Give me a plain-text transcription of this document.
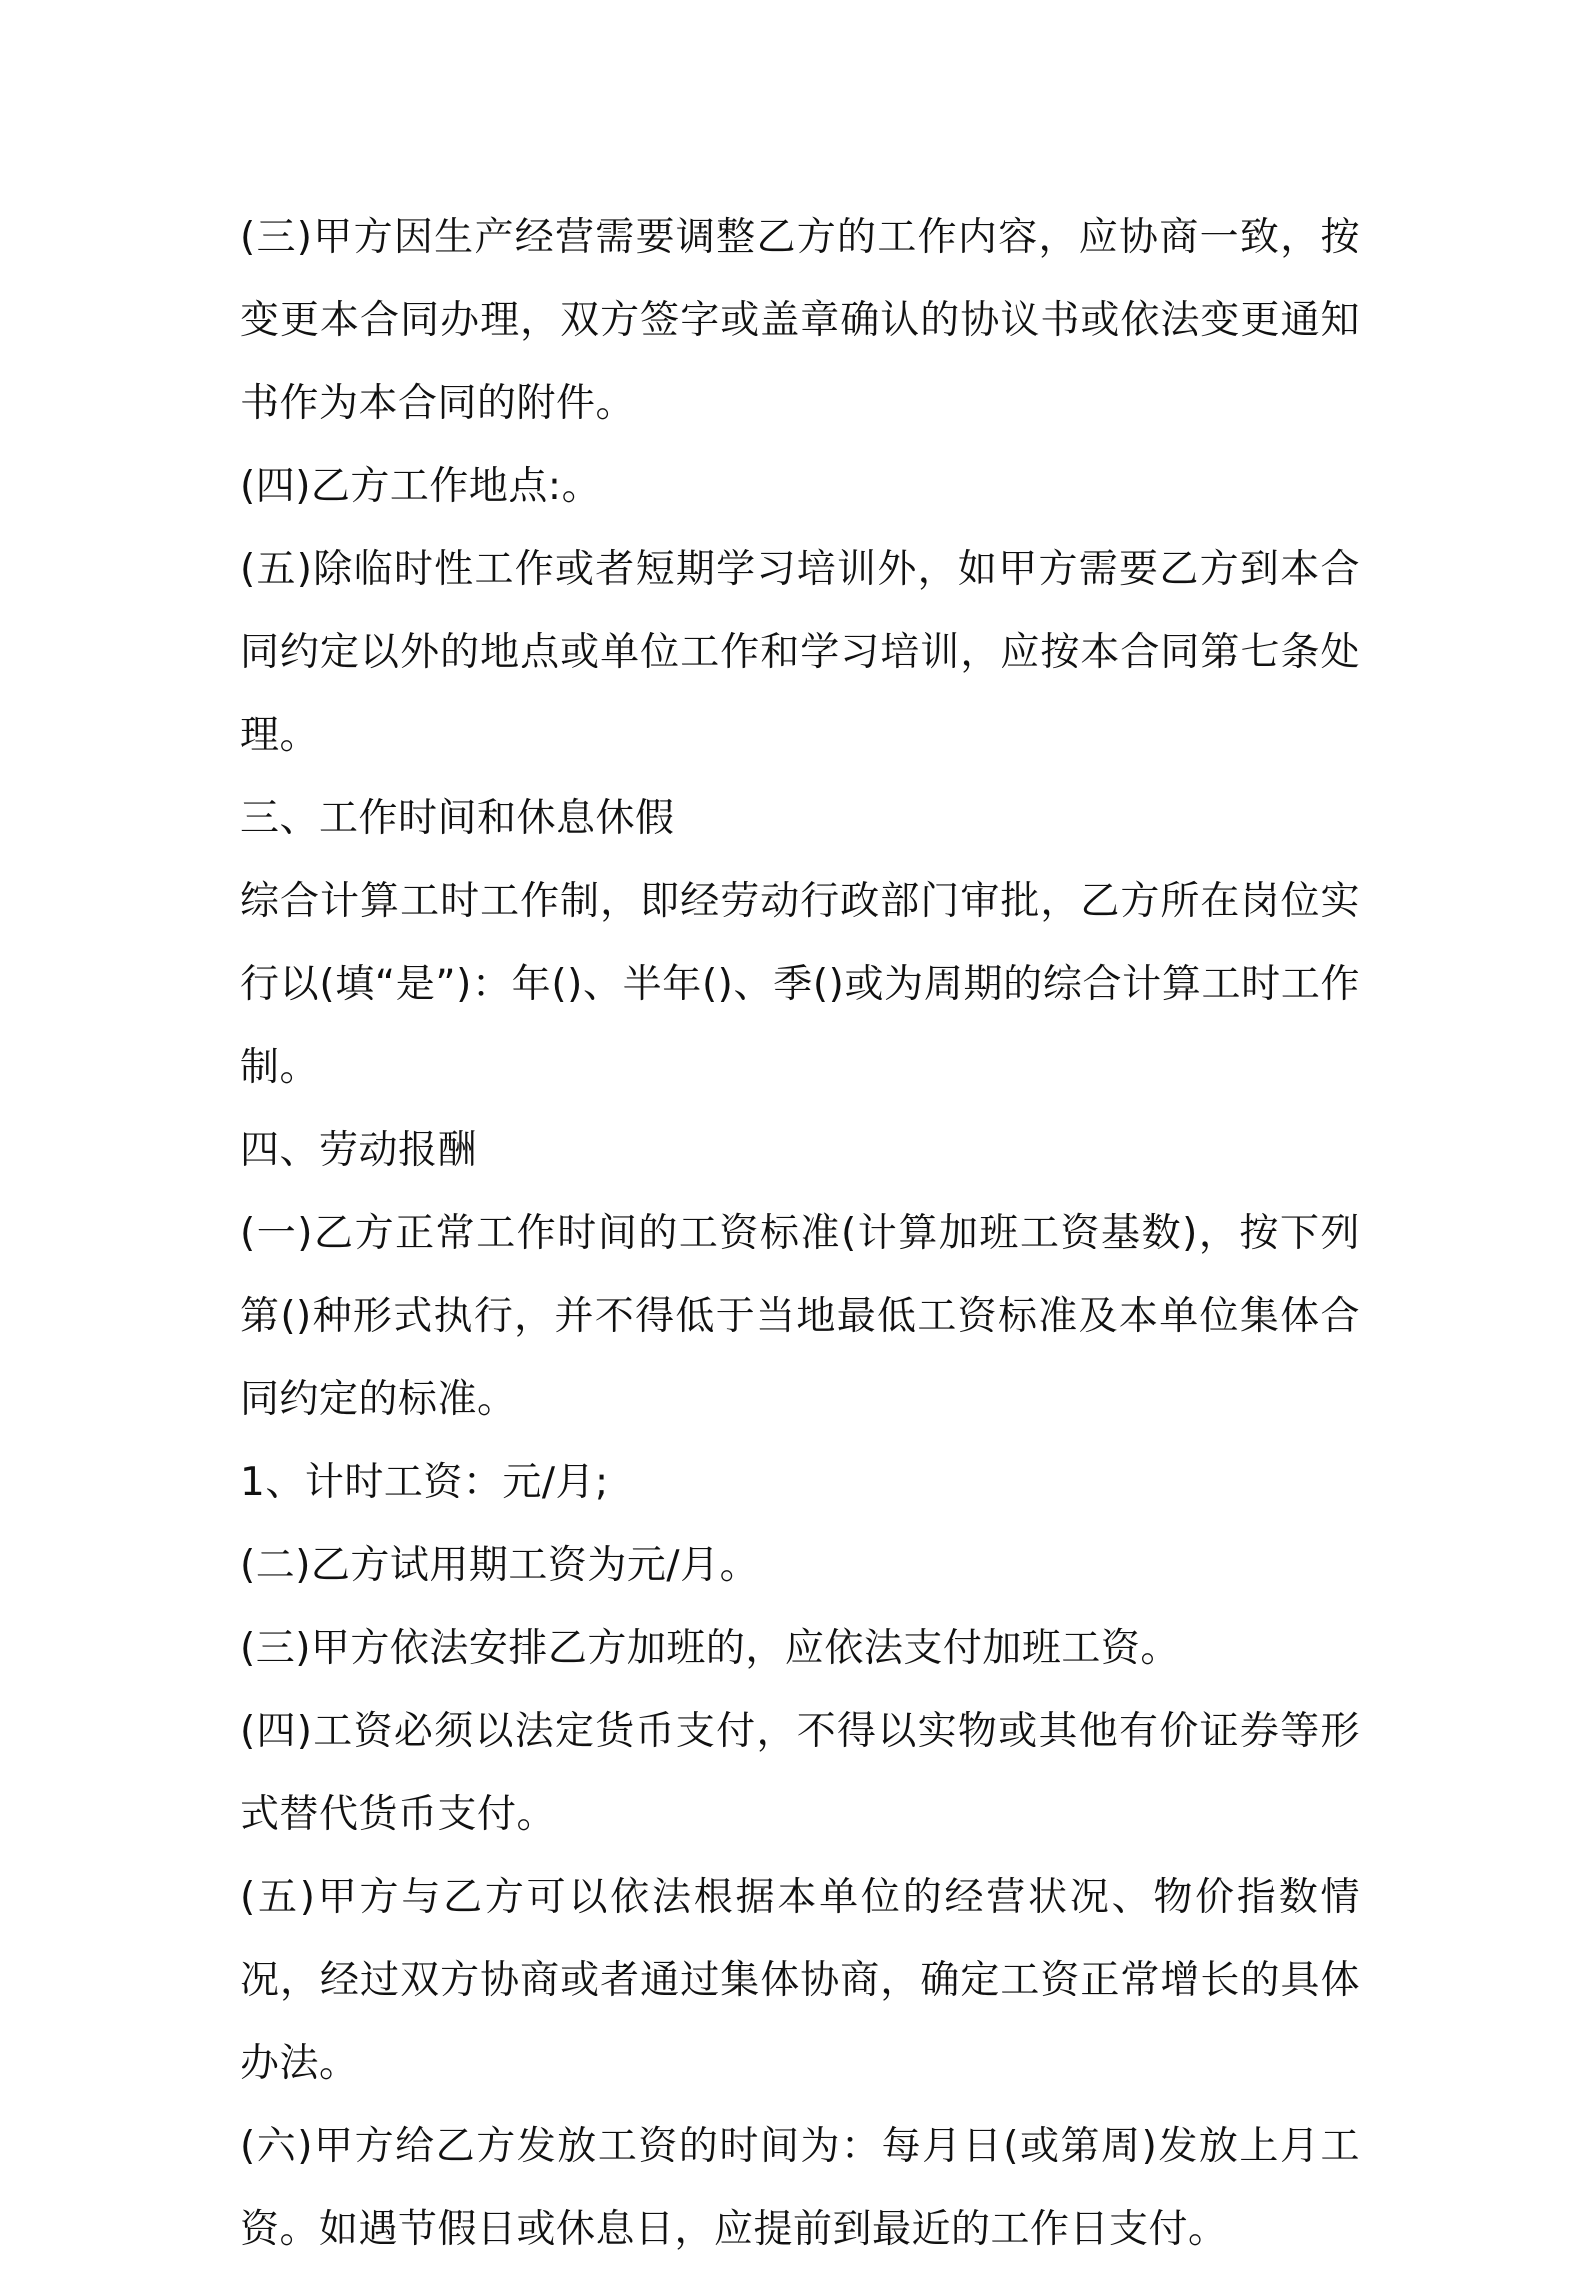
(三)甲方因生产经营需要调整乙方的工作内容，应协商一致，按变更本合同办理，双方签字或盖章确认的协议书或依法变更通知书作为本合同的附件。

(四)乙方工作地点:。

(五)除临时性工作或者短期学习培训外，如甲方需要乙方到本合同约定以外的地点或单位工作和学习培训，应按本合同第七条处理。

三、工作时间和休息休假

综合计算工时工作制，即经劳动行政部门审批，乙方所在岗位实行以(填“是”)：年()、半年()、季()或为周期的综合计算工时工作制。

四、劳动报酬

(一)乙方正常工作时间的工资标准(计算加班工资基数)，按下列第()种形式执行，并不得低于当地最低工资标准及本单位集体合同约定的标准。

1、计时工资：元/月;

(二)乙方试用期工资为元/月。

(三)甲方依法安排乙方加班的，应依法支付加班工资。

(四)工资必须以法定货币支付，不得以实物或其他有价证券等形式替代货币支付。

(五)甲方与乙方可以依法根据本单位的经营状况、物价指数情况，经过双方协商或者通过集体协商，确定工资正常增长的具体办法。

(六)甲方给乙方发放工资的时间为：每月日(或第周)发放上月工资。如遇节假日或休息日，应提前到最近的工作日支付。
